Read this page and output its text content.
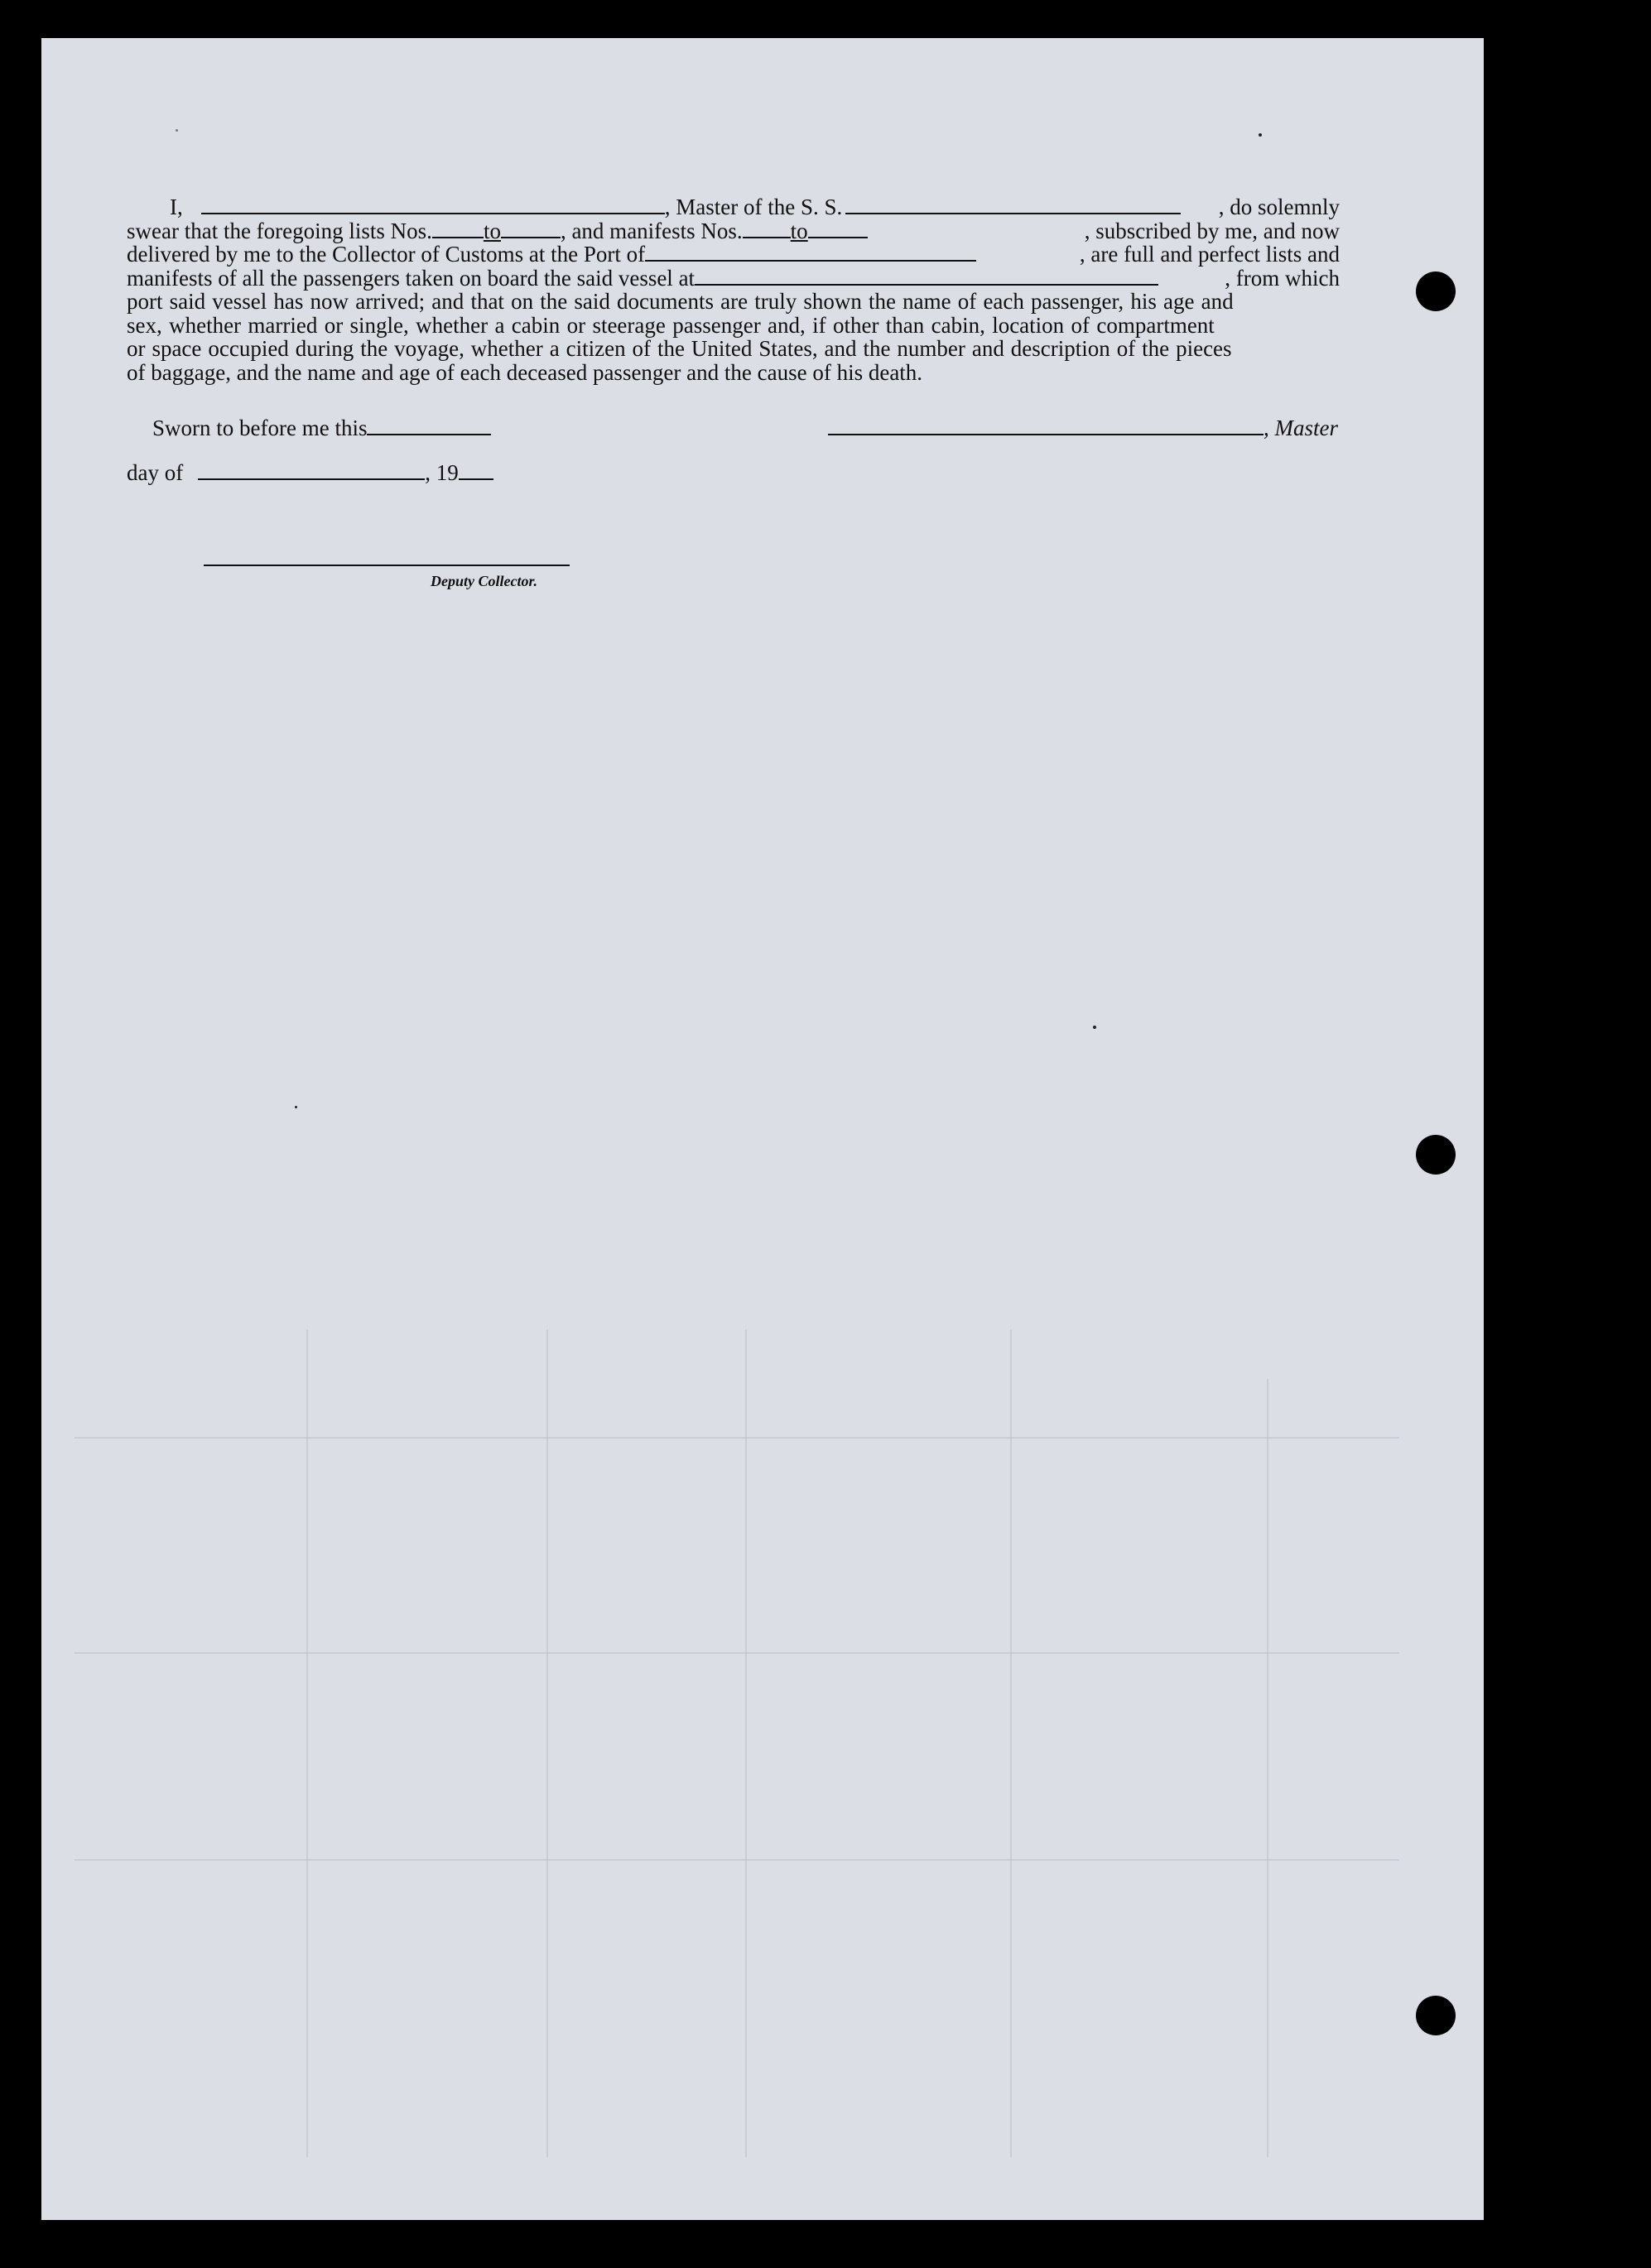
I,	, Master of the S. S.	, do solemnly
swear that the foregoing lists Nos. to	, and manifests Nos. to	, subscribed by me, and now
delivered by me to the Collector of Customs at the Port of	, are full and perfect lists and
manifests of all the passengers taken on board the said vessel at	, from which
port said vessel has now arrived; and that on the said documents are truly shown the name of each passenger, his age and
sex, whether married or single, whether a cabin or steerage passenger and, if other than cabin, location of compartment
or space occupied during the voyage, whether a citizen of the United States, and the number and description of the pieces
of baggage, and the name and age of each deceased passenger and the cause of his death.
Sworn to before me this	, Master
day of	, 19
Deputy Collector.
